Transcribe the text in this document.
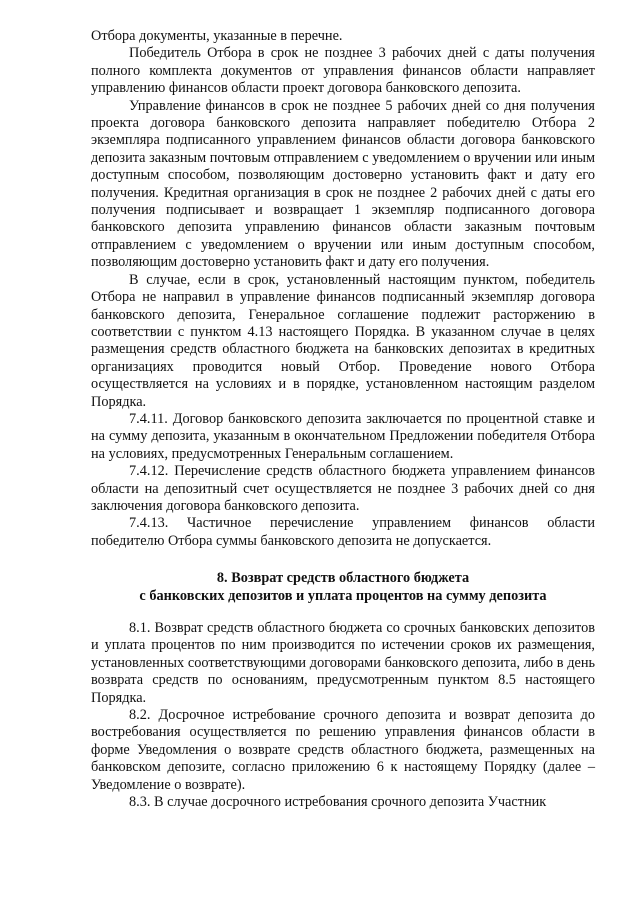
Отбора документы, указанные в перечне.

Победитель Отбора в срок не позднее 3 рабочих дней с даты получения полного комплекта документов от управления финансов области направляет управлению финансов области проект договора банковского депозита.

Управление финансов в срок не позднее 5 рабочих дней со дня получения проекта договора банковского депозита направляет победителю Отбора 2 экземпляра подписанного управлением финансов области договора банковского депозита заказным почтовым отправлением с уведомлением о вручении или иным доступным способом, позволяющим достоверно установить факт и дату его получения. Кредитная организация в срок не позднее 2 рабочих дней с даты его получения подписывает и возвращает 1 экземпляр подписанного договора банковского депозита управлению финансов области заказным почтовым отправлением с уведомлением о вручении или иным доступным способом, позволяющим достоверно установить факт и дату его получения.

В случае, если в срок, установленный настоящим пунктом, победитель Отбора не направил в управление финансов подписанный экземпляр договора банковского депозита, Генеральное соглашение подлежит расторжению в соответствии с пунктом 4.13 настоящего Порядка. В указанном случае в целях размещения средств областного бюджета на банковских депозитах в кредитных организациях проводится новый Отбор. Проведение нового Отбора осуществляется на условиях и в порядке, установленном настоящим разделом Порядка.

7.4.11. Договор банковского депозита заключается по процентной ставке и на сумму депозита, указанным в окончательном Предложении победителя Отбора на условиях, предусмотренных Генеральным соглашением.

7.4.12. Перечисление средств областного бюджета управлением финансов области на депозитный счет осуществляется не позднее 3 рабочих дней со дня заключения договора банковского депозита.

7.4.13. Частичное перечисление управлением финансов области победителю Отбора суммы банковского депозита не допускается.

8. Возврат средств областного бюджета
с банковских депозитов и уплата процентов на сумму депозита

8.1. Возврат средств областного бюджета со срочных банковских депозитов и уплата процентов по ним производится по истечении сроков их размещения, установленных соответствующими договорами банковского депозита, либо в день возврата средств по основаниям, предусмотренным пунктом 8.5 настоящего Порядка.

8.2. Досрочное истребование срочного депозита и возврат депозита до востребования осуществляется по решению управления финансов области в форме Уведомления о возврате средств областного бюджета, размещенных на банковском депозите, согласно приложению 6 к настоящему Порядку (далее – Уведомление о возврате).

8.3. В случае досрочного истребования срочного депозита Участник
